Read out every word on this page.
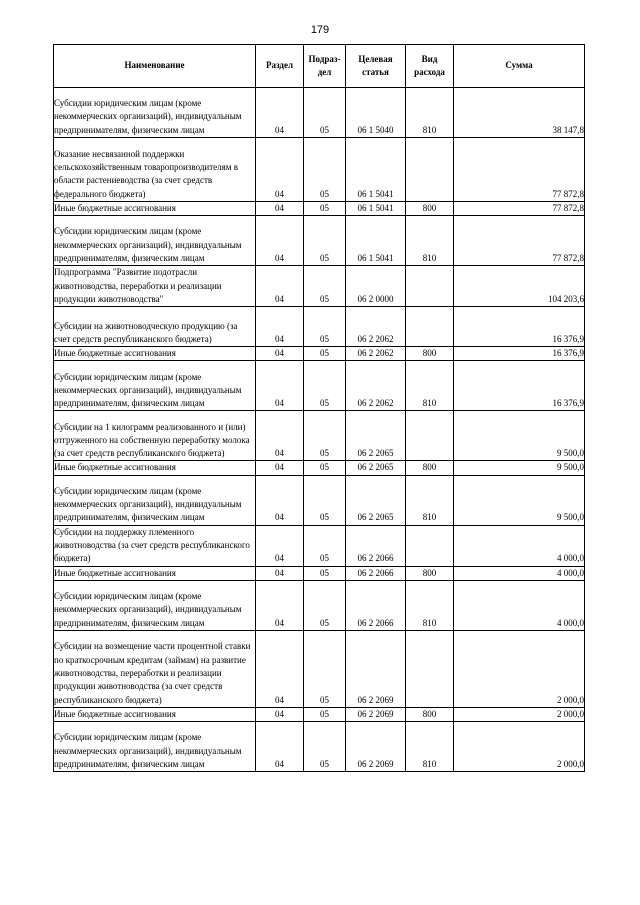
179
Наименование	Раздел	Подраз-дел	Целевая статья	Вид расхода	Сумма
Субсидии юридическим лицам (кроме некоммерческих организаций), индивидуальным предпринимателям, физическим лицам	04	05	06 1 5040	810	38 147,8
Оказание несвязанной поддержки сельскохозяйственным товаропроизводителям в области растениеводства (за счет средств федерального бюджета)	04	05	06 1 5041		77 872,8
Иные бюджетные ассигнования	04	05	06 1 5041	800	77 872,8
Субсидии юридическим лицам (кроме некоммерческих организаций), индивидуальным предпринимателям, физическим лицам	04	05	06 1 5041	810	77 872,8
Подпрограмма "Развитие подотрасли животноводства, переработки и реализации продукции животноводства"	04	05	06 2 0000		104 203,6
Субсидии на животноводческую продукцию (за счет средств республиканского бюджета)	04	05	06 2 2062		16 376,9
Иные бюджетные ассигнования	04	05	06 2 2062	800	16 376,9
Субсидии юридическим лицам (кроме некоммерческих организаций), индивидуальным предпринимателям, физическим лицам	04	05	06 2 2062	810	16 376,9
Субсидии на 1 килограмм реализованного и (или) отгруженного на собственную переработку молока (за счет средств республиканского бюджета)	04	05	06 2 2065		9 500,0
Иные бюджетные ассигнования	04	05	06 2 2065	800	9 500,0
Субсидии юридическим лицам (кроме некоммерческих организаций), индивидуальным предпринимателям, физическим лицам	04	05	06 2 2065	810	9 500,0
Субсидии на поддержку племенного животноводства (за счет средств республиканского бюджета)	04	05	06 2 2066		4 000,0
Иные бюджетные ассигнования	04	05	06 2 2066	800	4 000,0
Субсидии юридическим лицам (кроме некоммерческих организаций), индивидуальным предпринимателям, физическим лицам	04	05	06 2 2066	810	4 000,0
Субсидии на возмещение части процентной ставки по краткосрочным кредитам (займам) на развитие животноводства, переработки и реализации продукции животноводства (за счет средств республиканского бюджета)	04	05	06 2 2069		2 000,0
Иные бюджетные ассигнования	04	05	06 2 2069	800	2 000,0
Субсидии юридическим лицам (кроме некоммерческих организаций), индивидуальным предпринимателям, физическим лицам	04	05	06 2 2069	810	2 000,0
